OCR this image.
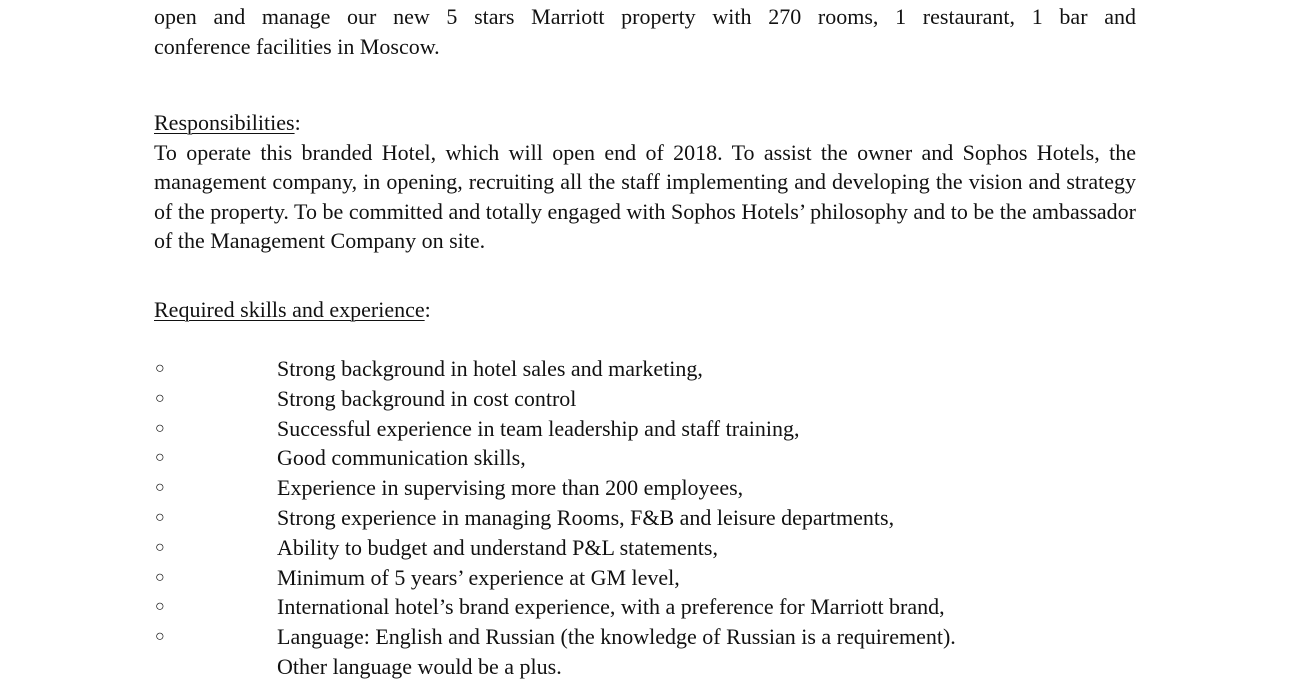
open and manage our new 5 stars Marriott property with 270 rooms, 1 restaurant, 1 bar and
conference facilities in Moscow.

Responsibilities:

To operate this branded Hotel, which will open end of 2018. To assist the owner and Sophos Hotels, the management company, in opening, recruiting all the staff implementing and developing the vision and strategy of the property. To be committed and totally engaged with Sophos Hotels’ philosophy and to be the ambassador of the Management Company on site.

Required skills and experience:

○	Strong background in hotel sales and marketing,
○	Strong background in cost control
○	Successful experience in team leadership and staff training,
○	Good communication skills,
○	Experience in supervising more than 200 employees,
○	Strong experience in managing Rooms, F&B and leisure departments,
○	Ability to budget and understand P&L statements,
○	Minimum of 5 years’ experience at GM level,
○	International hotel’s brand experience, with a preference for Marriott brand,
○	Language: English and Russian (the knowledge of Russian is a requirement).
Other language would be a plus.
